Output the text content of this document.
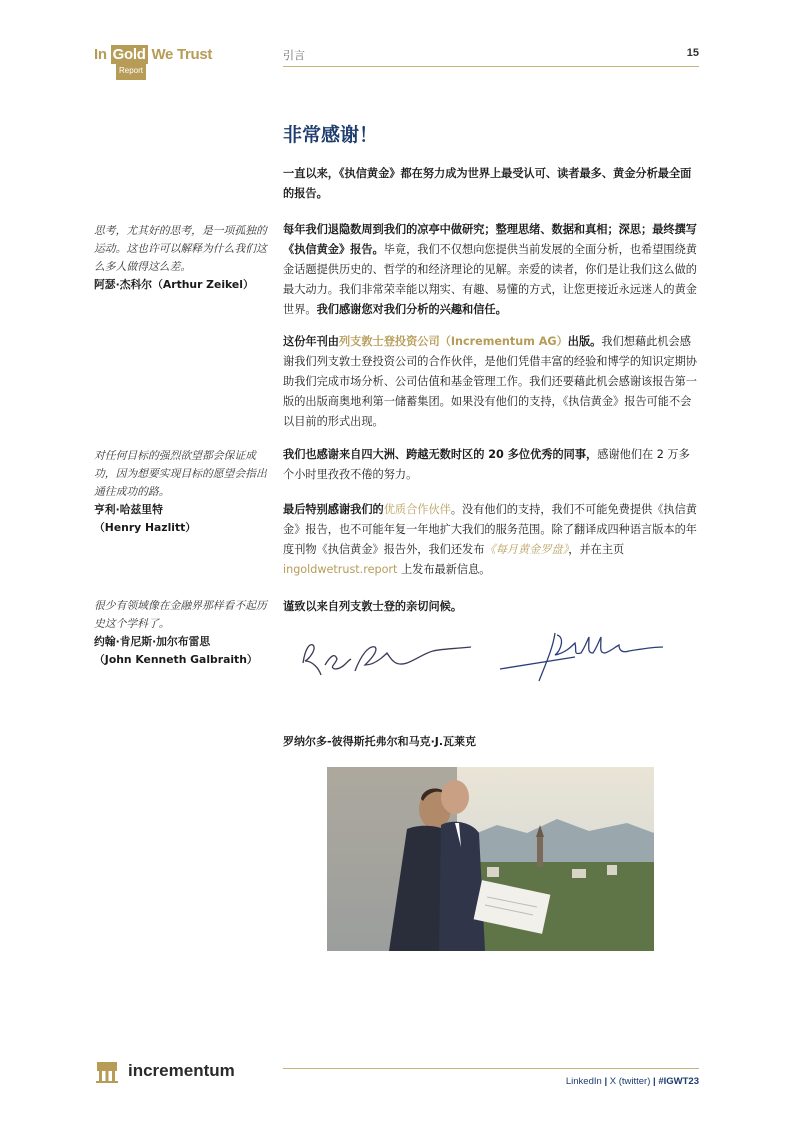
In Gold We Trust
Report
引言	15
非常感谢！
一直以来，《执信黄金》都在努力成为世界上最受认可、读者最多、黄金分析最全面的报告。
每年我们退隐数周到我们的凉亭中做研究；整理思绪、数据和真相；深思；最终撰写《执信黄金》报告。毕竟，我们不仅想向您提供当前发展的全面分析，也希望围绕黄金话题提供历史的、哲学的和经济理论的见解。亲爱的读者，你们是让我们这么做的最大动力。我们非常荣幸能以翔实、有趣、易懂的方式，让您更接近永远迷人的黄金世界。我们感谢您对我们分析的兴趣和信任。
这份年刊由列支敦士登投资公司（Incrementum AG）出版。我们想藉此机会感谢我们列支敦士登投资公司的合作伙伴，是他们凭借丰富的经验和博学的知识定期协助我们完成市场分析、公司估值和基金管理工作。我们还要藉此机会感谢该报告第一版的出版商奥地利第一储蓄集团。如果没有他们的支持，《执信黄金》报告可能不会以目前的形式出现。
我们也感谢来自四大洲、跨越无数时区的 20 多位优秀的同事，感谢他们在 2 万多个小时里孜孜不倦的努力。
最后特别感谢我们的优质合作伙伴。没有他们的支持，我们不可能免费提供《执信黄金》报告，也不可能年复一年地扩大我们的服务范围。除了翻译成四种语言版本的年度刊物《执信黄金》报告外，我们还发布《每月黄金罗盘》，并在主页ingoldwetrust.report 上发布最新信息。
谨致以来自列支敦士登的亲切问候。
思考，尤其好的思考，是一项孤独的运动。这也许可以解释为什么我们这么多人做得这么差。
阿瑟·杰科尔（Arthur Zeikel）
对任何目标的强烈欲望都会保证成功，因为想要实现目标的愿望会指出通往成功的路。
亨利·哈兹里特
（Henry Hazlitt）
很少有领域像在金融界那样看不起历史这个学科了。
约翰·肯尼斯·加尔布雷思
（John Kenneth Galbraith）
罗纳尔多-彼得斯托弗尔和马克·J.瓦莱克
incrementum
LinkedIn | X (twitter) | #IGWT23
